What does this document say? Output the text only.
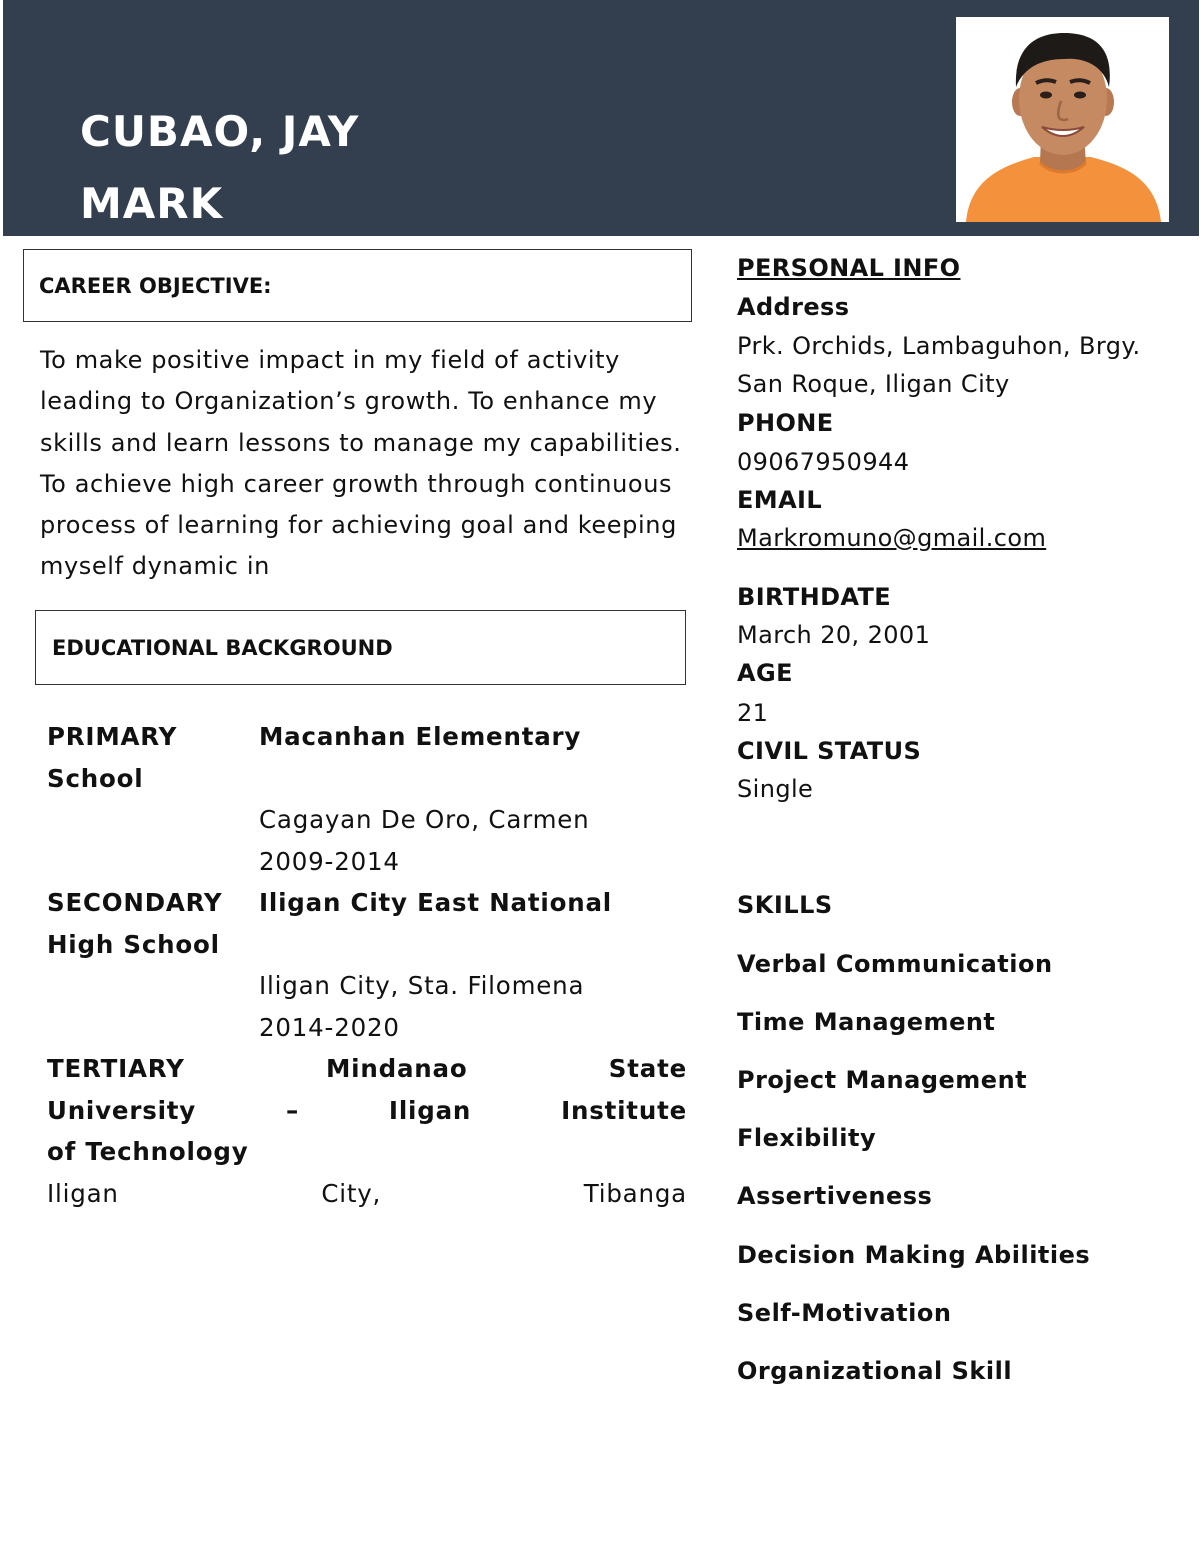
CUBAO, JAY
MARK
CAREER OBJECTIVE:
To make positive impact in my field of activity leading to Organization’s growth. To enhance my skills and learn lessons to manage my capabilities. To achieve high career growth through continuous process of learning for achieving goal and keeping myself dynamic in
EDUCATIONAL BACKGROUND
PRIMARY School
Macanhan Elementary
Cagayan De Oro, Carmen
2009-2014
SECONDARY High School
Iligan City East National
Iligan City, Sta. Filomena
2014-2020
TERTIARY	Mindanao State
University – Iligan	Institute
of Technology
Iligan City, Tibanga
PERSONAL INFO
Address
Prk. Orchids, Lambaguhon, Brgy.
San Roque, Iligan City
PHONE
09067950944
EMAIL
Markromuno@gmail.com
BIRTHDATE
March 20, 2001
AGE
21
CIVIL STATUS
Single
SKILLS
Verbal Communication
Time Management
Project Management
Flexibility
Assertiveness
Decision Making Abilities
Self-Motivation
Organizational Skill
